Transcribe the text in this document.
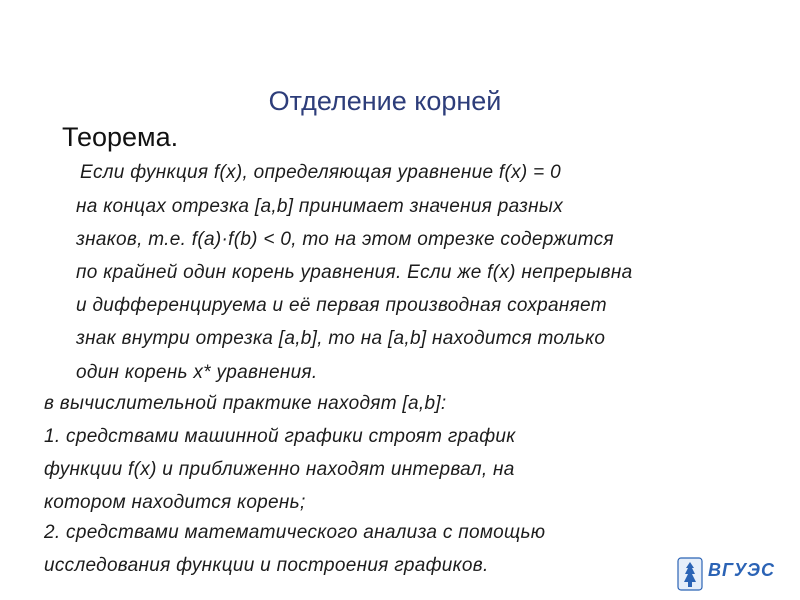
Отделение корней
Теорема.
Если функция f(x), определяющая уравнение f(x) = 0
на концах отрезка [a,b] принимает значения разных
знаков, т.е. f(a)·f(b) < 0, то на этом отрезке содержится
по крайней один корень уравнения. Если же f(x) непрерывна
и дифференцируема и её первая производная сохраняет
знак внутри отрезка [a,b], то на [a,b] находится только
один корень x* уравнения.
в вычислительной практике находят [a,b]:
1. средствами машинной графики строят график
функции f(x) и приближенно находят интервал, на
котором находится корень;
2. средствами математического анализа с помощью
исследования функции и построения графиков.	ВГУЭС
